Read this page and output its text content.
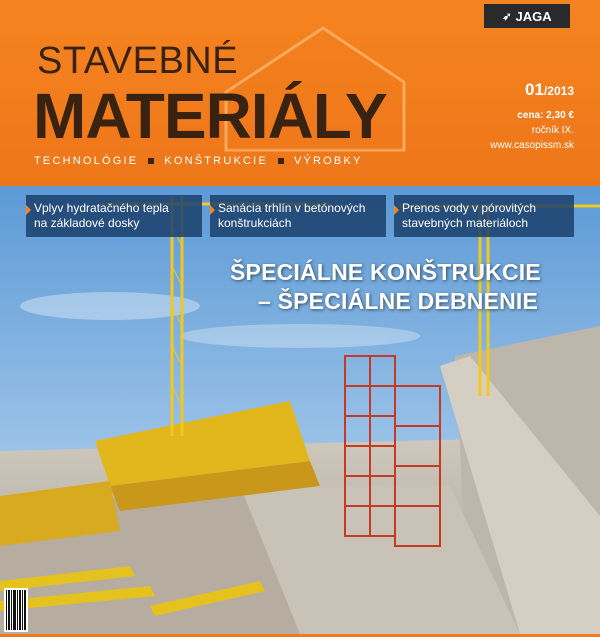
➶ JAGA
STAVEBNÉ
MATERIÁLY
TECHNOLÓGIE KONŠTRUKCIE VÝROBKY
01/2013
cena: 2,30 €
ročník IX.
www.casopissm.sk
Vplyv hydratačného tepla
na základové dosky
Sanácia trhlín v betónových
konštrukciách
Prenos vody v pórovitých
stavebných materiáloch
ŠPECIÁLNE KONŠTRUKCIE
– ŠPECIÁLNE DEBNENIE
